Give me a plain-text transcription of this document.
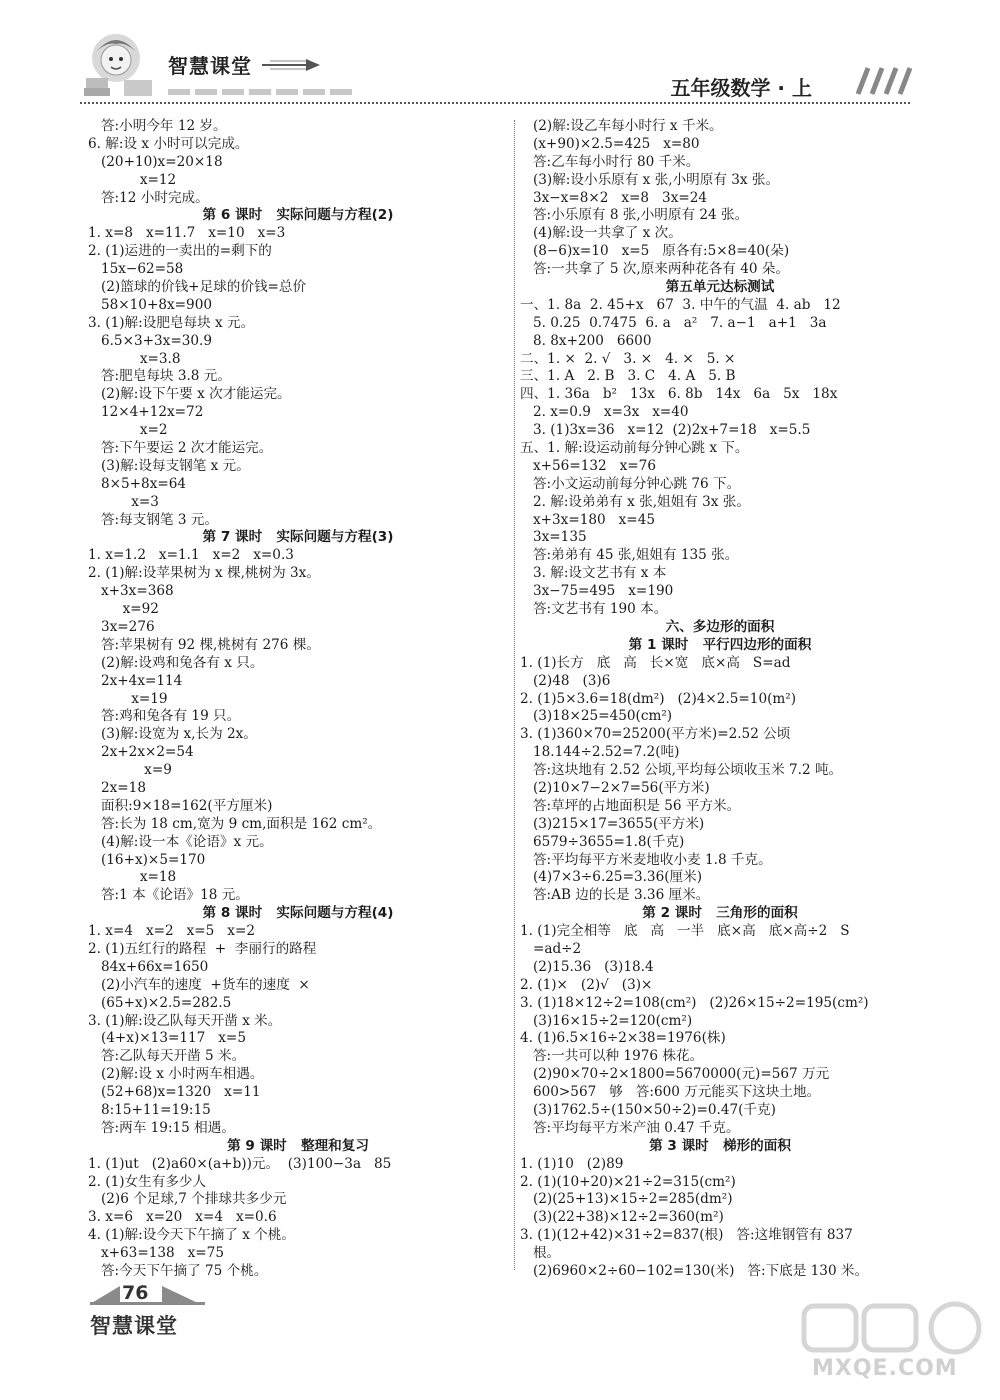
智慧课堂
五年级数学 · 上
答:小明今年 12 岁。
6. 解:设 x 小时可以完成。
(20+10)x=20×18
x=12
答:12 小时完成。
第 6 课时   实际问题与方程(2)
1. x=8   x=11.7   x=10   x=3
2. (1)运进的一卖出的=剩下的
15x−62=58
(2)篮球的价钱+足球的价钱=总价
58×10+8x=900
3. (1)解:设肥皂每块 x 元。
6.5×3+3x=30.9
x=3.8
答:肥皂每块 3.8 元。
(2)解:设下午要 x 次才能运完。
12×4+12x=72
x=2
答:下午要运 2 次才能运完。
(3)解:设每支钢笔 x 元。
8×5+8x=64
x=3
答:每支钢笔 3 元。
第 7 课时   实际问题与方程(3)
1. x=1.2   x=1.1   x=2   x=0.3
2. (1)解:设苹果树为 x 棵,桃树为 3x。
x+3x=368
x=92
3x=276
答:苹果树有 92 棵,桃树有 276 棵。
(2)解:设鸡和兔各有 x 只。
2x+4x=114
x=19
答:鸡和兔各有 19 只。
(3)解:设宽为 x,长为 2x。
2x+2x×2=54
x=9
2x=18
面积:9×18=162(平方厘米)
答:长为 18 cm,宽为 9 cm,面积是 162 cm²。
(4)解:设一本《论语》x 元。
(16+x)×5=170
x=18
答:1 本《论语》18 元。
第 8 课时   实际问题与方程(4)
1. x=4   x=2   x=5   x=2
2. (1)五红行的路程  +  李丽行的路程
84x+66x=1650
(2)小汽车的速度  +货车的速度  ×
(65+x)×2.5=282.5
3. (1)解:设乙队每天开凿 x 米。
(4+x)×13=117   x=5
答:乙队每天开凿 5 米。
(2)解:设 x 小时两车相遇。
(52+68)x=1320   x=11
8:15+11=19:15
答:两车 19:15 相遇。
第 9 课时   整理和复习
1. (1)ut   (2)a60×(a+b))元。  (3)100−3a   85
2. (1)女生有多少人
(2)6 个足球,7 个排球共多少元
3. x=6   x=20   x=4   x=0.6
4. (1)解:设今天下午摘了 x 个桃。
x+63=138   x=75
答:今天下午摘了 75 个桃。
(2)解:设乙车每小时行 x 千米。
(x+90)×2.5=425   x=80
答:乙车每小时行 80 千米。
(3)解:设小乐原有 x 张,小明原有 3x 张。
3x−x=8×2   x=8   3x=24
答:小乐原有 8 张,小明原有 24 张。
(4)解:设一共拿了 x 次。
(8−6)x=10   x=5   原各有:5×8=40(朵)
答:一共拿了 5 次,原来两种花各有 40 朵。
第五单元达标测试
一、1. 8a  2. 45+x   67  3. 中午的气温  4. ab   12
5. 0.25  0.7475  6. a   a²   7. a−1   a+1   3a
8. 8x+200   6600
二、1. ×  2. √   3. ×   4. ×   5. ×
三、1. A   2. B   3. C   4. A   5. B
四、1. 36a   b²   13x   6. 8b   14x   6a   5x   18x
2. x=0.9   x=3x   x=40
3. (1)3x=36   x=12  (2)2x+7=18   x=5.5
五、1. 解:设运动前每分钟心跳 x 下。
x+56=132   x=76
答:小文运动前每分钟心跳 76 下。
2. 解:设弟弟有 x 张,姐姐有 3x 张。
x+3x=180   x=45
3x=135
答:弟弟有 45 张,姐姐有 135 张。
3. 解:设文艺书有 x 本
3x−75=495   x=190
答:文艺书有 190 本。
六、多边形的面积
第 1 课时   平行四边形的面积
1. (1)长方   底   高   长×宽   底×高   S=ad
(2)48   (3)6
2. (1)5×3.6=18(dm²)   (2)4×2.5=10(m²)
(3)18×25=450(cm²)
3. (1)360×70=25200(平方米)=2.52 公顷
18.144÷2.52=7.2(吨)
答:这块地有 2.52 公顷,平均每公顷收玉米 7.2 吨。
(2)10×7−2×7=56(平方米)
答:草坪的占地面积是 56 平方米。
(3)215×17=3655(平方米)
6579÷3655=1.8(千克)
答:平均每平方米麦地收小麦 1.8 千克。
(4)7×3÷6.25=3.36(厘米)
答:AB 边的长是 3.36 厘米。
第 2 课时   三角形的面积
1. (1)完全相等   底   高   一半   底×高   底×高÷2   S
=ad÷2
(2)15.36   (3)18.4
2. (1)×   (2)√   (3)×
3. (1)18×12÷2=108(cm²)   (2)26×15÷2=195(cm²)
(3)16×15÷2=120(cm²)
4. (1)6.5×16÷2×38=1976(株)
答:一共可以种 1976 株花。
(2)90×70÷2×1800=5670000(元)=567 万元
600>567   够   答:600 万元能买下这块土地。
(3)1762.5÷(150×50÷2)=0.47(千克)
答:平均每平方米产油 0.47 千克。
第 3 课时   梯形的面积
1. (1)10   (2)89
2. (1)(10+20)×21÷2=315(cm²)
(2)(25+13)×15÷2=285(dm²)
(3)(22+38)×12÷2=360(m²)
3. (1)(12+42)×31÷2=837(根)   答:这堆钢管有 837
根。
(2)6960×2÷60−102=130(米)   答:下底是 130 米。
76
智慧课堂
MXQE.COM
